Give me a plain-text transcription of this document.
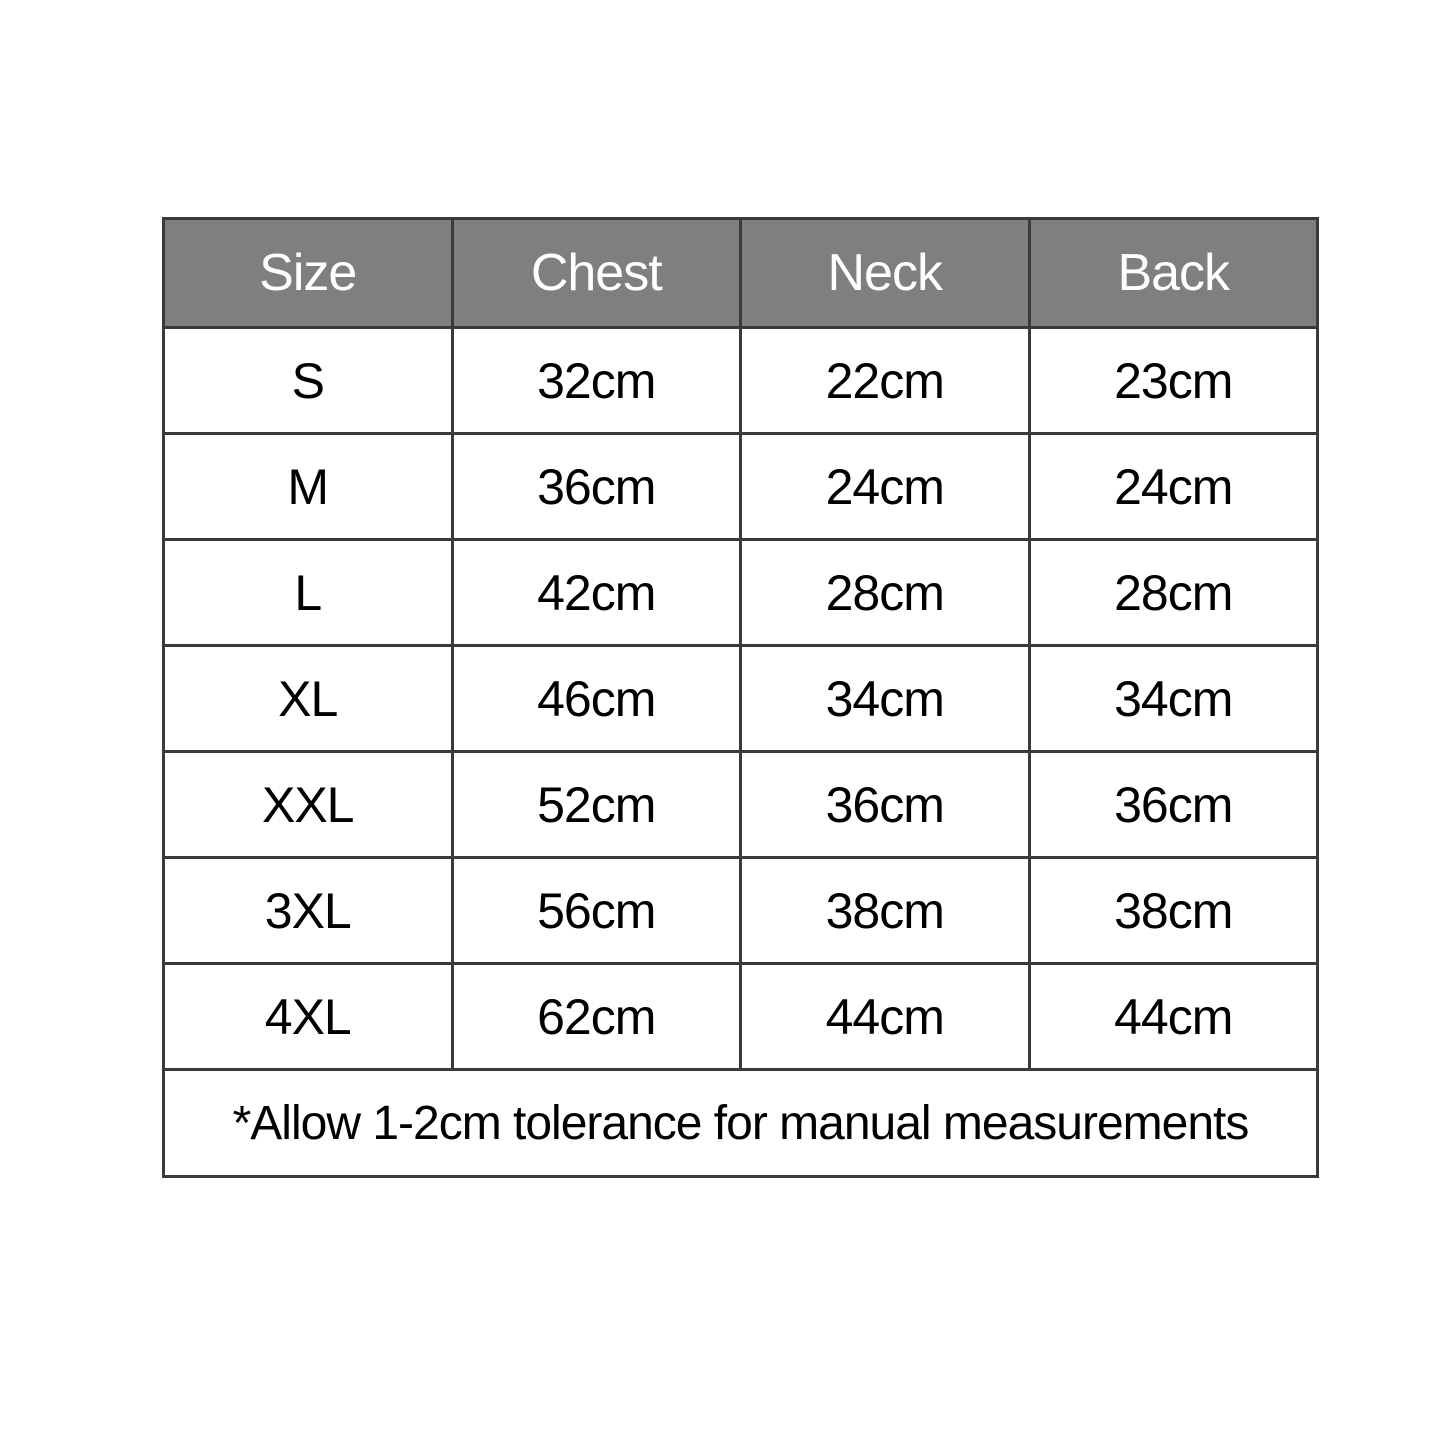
Size	Chest	Neck	Back
S	32cm	22cm	23cm
M	36cm	24cm	24cm
L	42cm	28cm	28cm
XL	46cm	34cm	34cm
XXL	52cm	36cm	36cm
3XL	56cm	38cm	38cm
4XL	62cm	44cm	44cm
*Allow 1-2cm tolerance for manual measurements			
